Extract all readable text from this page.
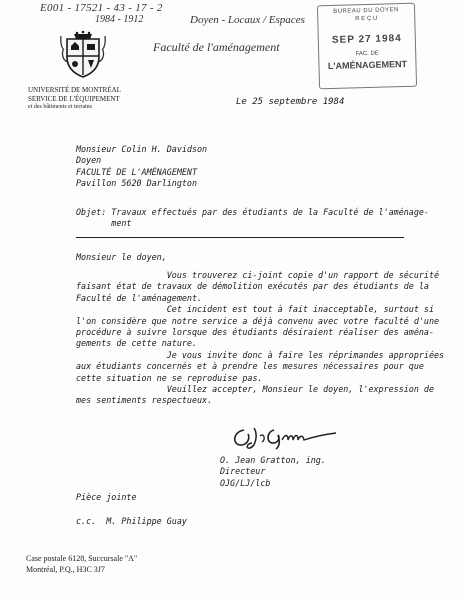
E001 - 17521 - 43 - 17 - 2
1984 - 1912	Doyen - Locaux / Espaces
Faculté de l'aménagement
BUREAU DU DOYEN
R E Ç U
SEP 27 1984
FAC. DE
L'AMÉNAGEMENT
UNIVERSITÉ DE MONTRÉAL
SERVICE DE L'ÉQUIPEMENT
et des bâtiments et terrains	Le 25 septembre 1984
Monsieur Colin H. Davidson
Doyen
FACULTÉ DE L'AMÉNAGEMENT
Pavillon 5620 Darlington
Objet: Travaux effectués par des étudiants de la Faculté de l'aménage-
ment
Monsieur le doyen,
Vous trouverez ci-joint copie d'un rapport de sécurité
faisant état de travaux de démolition exécutés par des étudiants de la
Faculté de l'aménagement.
Cet incident est tout à fait inacceptable, surtout si
l'on considère que notre service a déjà convenu avec votre faculté d'une
procédure à suivre lorsque des étudiants désiraient réaliser des aména-
gements de cette nature.
Je vous invite donc à faire les réprimandes appropriées
aux étudiants concernés et à prendre les mesures nécessaires pour que
cette situation ne se reproduise pas.
Veuillez accepter, Monsieur le doyen, l'expression de
mes sentiments respectueux.
O. Jean Gratton, ing.
Directeur
OJG/LJ/lcb
Pièce jointe
c.c.  M. Philippe Guay
Case postale 6128, Succursale "A"
Montréal, P.Q., H3C 3J7
